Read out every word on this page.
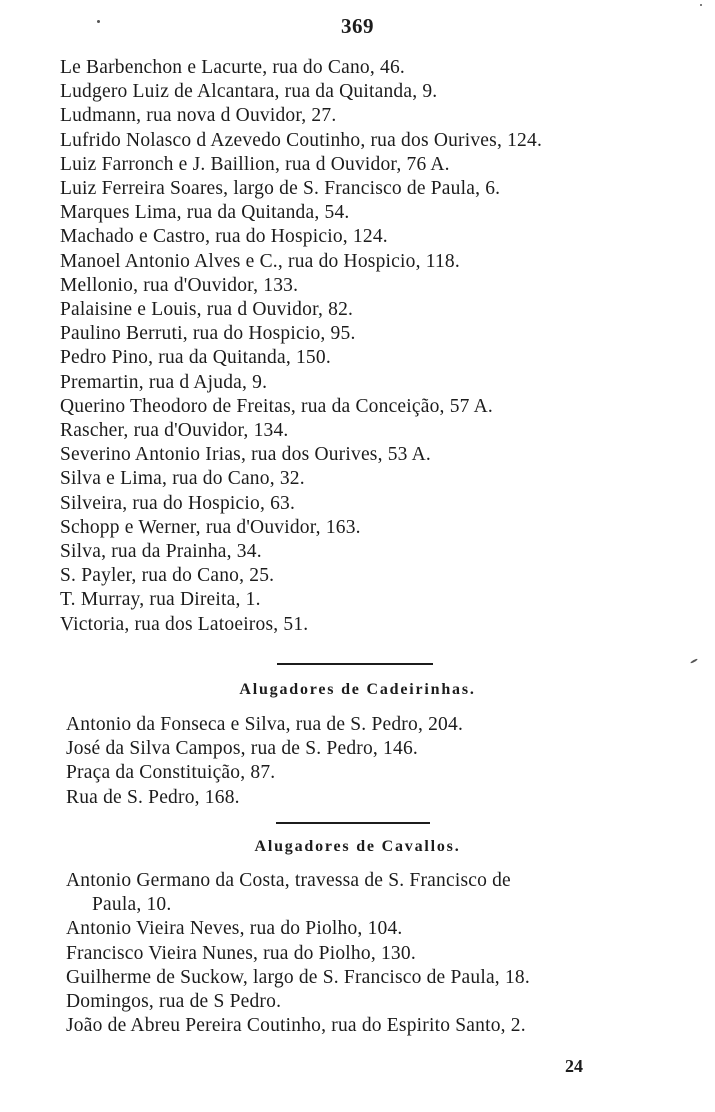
369
Le Barbenchon e Lacurte, rua do Cano, 46.
Ludgero Luiz de Alcantara, rua da Quitanda, 9.
Ludmann, rua nova d Ouvidor, 27.
Lufrido Nolasco d Azevedo Coutinho, rua dos Ourives, 124.
Luiz Farronch e J. Baillion, rua d Ouvidor, 76 A.
Luiz Ferreira Soares, largo de S. Francisco de Paula, 6.
Marques Lima, rua da Quitanda, 54.
Machado e Castro, rua do Hospicio, 124.
Manoel Antonio Alves e C., rua do Hospicio, 118.
Mellonio, rua d'Ouvidor, 133.
Palaisine e Louis, rua d Ouvidor, 82.
Paulino Berruti, rua do Hospicio, 95.
Pedro Pino, rua da Quitanda, 150.
Premartin, rua d Ajuda, 9.
Querino Theodoro de Freitas, rua da Conceição, 57 A.
Rascher, rua d'Ouvidor, 134.
Severino Antonio Irias, rua dos Ourives, 53 A.
Silva e Lima, rua do Cano, 32.
Silveira, rua do Hospicio, 63.
Schopp e Werner, rua d'Ouvidor, 163.
Silva, rua da Prainha, 34.
S. Payler, rua do Cano, 25.
T. Murray, rua Direita, 1.
Victoria, rua dos Latoeiros, 51.
Alugadores de Cadeirinhas.
Antonio da Fonseca e Silva, rua de S. Pedro, 204.
José da Silva Campos, rua de S. Pedro, 146.
Praça da Constituição, 87.
Rua de S. Pedro, 168.
Alugadores de Cavallos.
Antonio Germano da Costa, travessa de S. Francisco de
Paula, 10.
Antonio Vieira Neves, rua do Piolho, 104.
Francisco Vieira Nunes, rua do Piolho, 130.
Guilherme de Suckow, largo de S. Francisco de Paula, 18.
Domingos, rua de S Pedro.
João de Abreu Pereira Coutinho, rua do Espirito Santo, 2.
24
